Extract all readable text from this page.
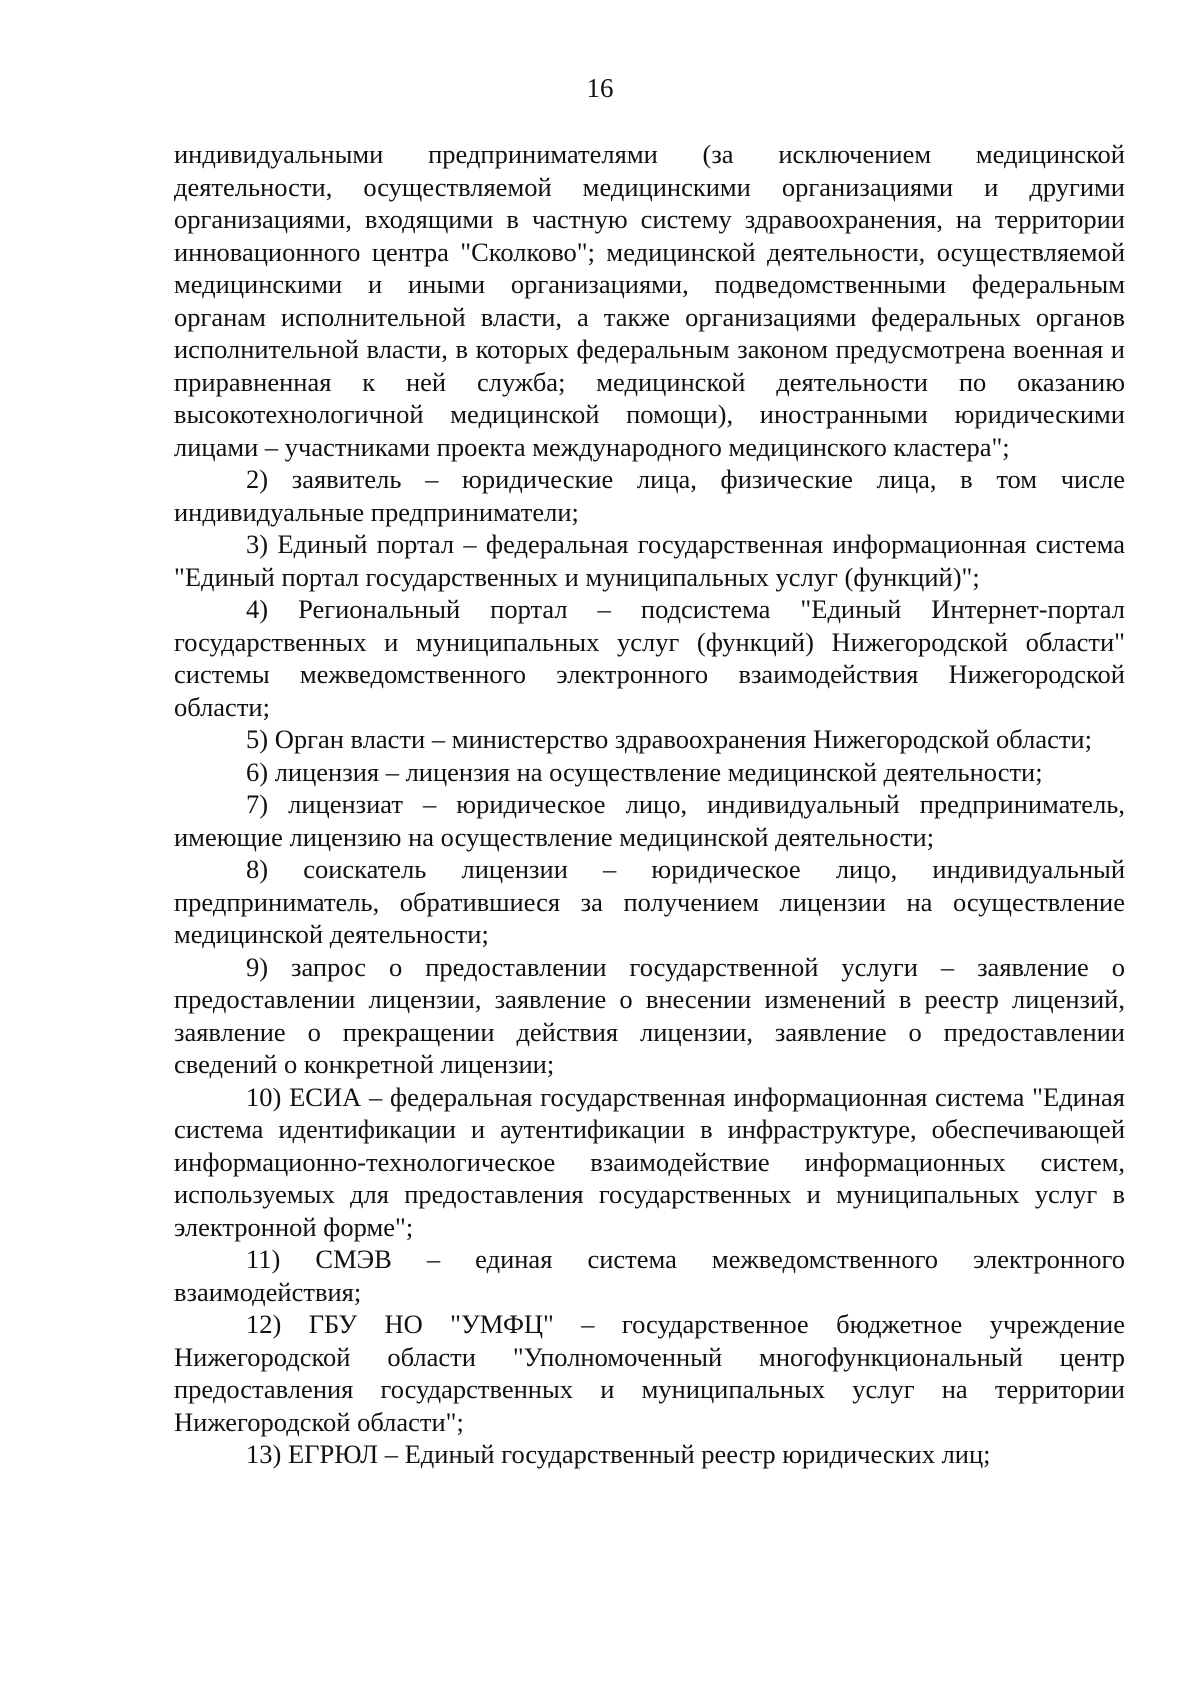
16

индивидуальными предпринимателями (за исключением медицинской деятельности, осуществляемой медицинскими организациями и другими организациями, входящими в частную систему здравоохранения, на территории инновационного центра "Сколково"; медицинской деятельности, осуществляемой медицинскими и иными организациями, подведомственными федеральным органам исполнительной власти, а также организациями федеральных органов исполнительной власти, в которых федеральным законом предусмотрена военная и приравненная к ней служба; медицинской деятельности по оказанию высокотехнологичной медицинской помощи), иностранными юридическими лицами – участниками проекта международного медицинского кластера";

2) заявитель – юридические лица, физические лица, в том числе индивидуальные предприниматели;

3) Единый портал – федеральная государственная информационная система "Единый портал государственных и муниципальных услуг (функций)";

4) Региональный портал – подсистема "Единый Интернет-портал государственных и муниципальных услуг (функций) Нижегородской области" системы межведомственного электронного взаимодействия Нижегородской области;

5) Орган власти – министерство здравоохранения Нижегородской области;

6) лицензия – лицензия на осуществление медицинской деятельности;

7) лицензиат – юридическое лицо, индивидуальный предприниматель, имеющие лицензию на осуществление медицинской деятельности;

8) соискатель лицензии – юридическое лицо, индивидуальный предприниматель, обратившиеся за получением лицензии на осуществление медицинской деятельности;

9) запрос о предоставлении государственной услуги – заявление о предоставлении лицензии, заявление о внесении изменений в реестр лицензий, заявление о прекращении действия лицензии, заявление о предоставлении сведений о конкретной лицензии;

10) ЕСИА – федеральная государственная информационная система "Единая система идентификации и аутентификации в инфраструктуре, обеспечивающей информационно-технологическое взаимодействие информационных систем, используемых для предоставления государственных и муниципальных услуг в электронной форме";

11) СМЭВ – единая система межведомственного электронного взаимодействия;

12) ГБУ НО "УМФЦ" – государственное бюджетное учреждение Нижегородской области "Уполномоченный многофункциональный центр предоставления государственных и муниципальных услуг на территории Нижегородской области";

13) ЕГРЮЛ – Единый государственный реестр юридических лиц;
